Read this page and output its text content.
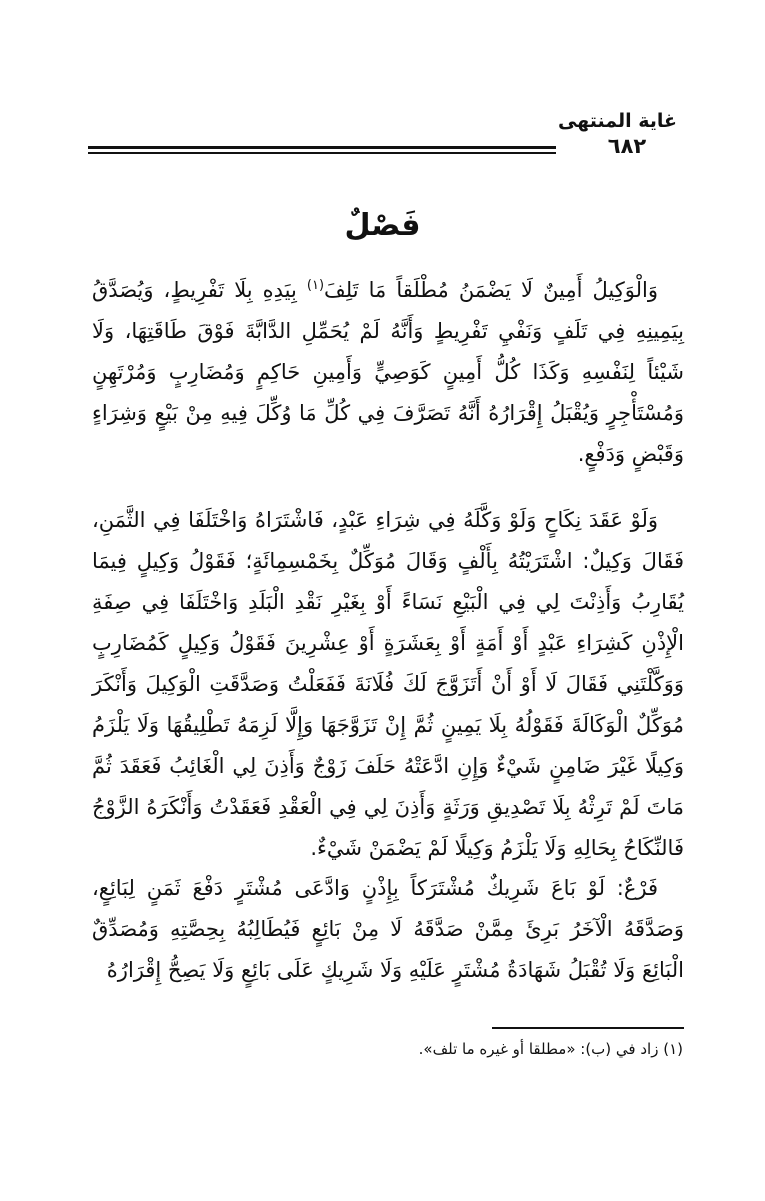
غاية المنتهى
٦٨٢
فَصْلٌ

وَالْوَكِيلُ أَمِينٌ لَا يَضْمَنُ مُطْلَقاً مَا تَلِفَ$^{(١)}$ بِيَدِهِ بِلَا تَفْرِيطٍ، وَيُصَدَّقُ بِيَمِينِهِ فِي تَلَفٍ وَنَفْيِ تَفْرِيطٍ وَأَنَّهُ لَمْ يُحَمِّلِ الدَّابَّةَ فَوْقَ طَاقَتِهَا، وَلَا شَيْئاً لِنَفْسِهِ وَكَذَا كُلُّ أَمِينٍ كَوَصِيٍّ وَأَمِينِ حَاكِمٍ وَمُضَارِبٍ وَمُرْتَهِنٍ وَمُسْتَأْجِرٍ وَيُقْبَلُ إِقْرَارُهُ أَنَّهُ تَصَرَّفَ فِي كُلِّ مَا وُكِّلَ فِيهِ مِنْ بَيْعٍ وَشِرَاءٍ وَقَبْضٍ وَدَفْعٍ.

وَلَوْ عَقَدَ نِكَاحٍ وَلَوْ وَكَّلَهُ فِي شِرَاءِ عَبْدٍ، فَاشْتَرَاهُ وَاخْتَلَفَا فِي الثَّمَنِ، فَقَالَ وَكِيلٌ: اشْتَرَيْتُهُ بِأَلْفٍ وَقَالَ مُوَكِّلٌ بِخَمْسِمِائَةٍ؛ فَقَوْلُ وَكِيلٍ فِيمَا يُقَارِبُ وَأَذِنْتَ لِي فِي الْبَيْعِ نَسَاءً أَوْ بِغَيْرِ نَقْدِ الْبَلَدِ وَاخْتَلَفَا فِي صِفَةِ الْإِذْنِ كَشِرَاءِ عَبْدٍ أَوْ أَمَةٍ أَوْ بِعَشَرَةٍ أَوْ عِشْرِينَ فَقَوْلُ وَكِيلٍ كَمُضَارِبٍ وَوَكَّلْتَنِي فَقَالَ لَا أَوْ أَنْ أَتَزَوَّجَ لَكَ فُلَانَةَ فَفَعَلْتُ وَصَدَّقَتِ الْوَكِيلَ وَأَنْكَرَ مُوَكِّلٌ الْوَكَالَةَ فَقَوْلُهُ بِلَا يَمِينٍ ثُمَّ إِنْ تَزَوَّجَهَا وَإِلَّا لَزِمَهُ تَطْلِيقُهَا وَلَا يَلْزَمُ وَكِيلًا غَيْرَ ضَامِنٍ شَيْءٌ وَإِنِ ادَّعَتْهُ حَلَفَ زَوْجٌ وَأَذِنَ لِي الْغَائِبُ فَعَقَدَ ثُمَّ مَاتَ لَمْ تَرِثْهُ بِلَا تَصْدِيقِ وَرَثَةٍ وَأَذِنَ لِي فِي الْعَقْدِ فَعَقَدْتُ وَأَنْكَرَهُ الزَّوْجُ فَالنِّكَاحُ بِحَالِهِ وَلَا يَلْزَمُ وَكِيلًا لَمْ يَضْمَنْ شَيْءٌ.

فَرْعٌ: لَوْ بَاعَ شَرِيكٌ مُشْتَرَكاً بِإِذْنٍ وَادَّعَى مُشْتَرٍ دَفْعَ ثَمَنٍ لِبَائِعٍ، وَصَدَّقَهُ الْآخَرُ بَرِئَ مِمَّنْ صَدَّقَهُ لَا مِنْ بَائِعٍ فَيُطَالِبُهُ بِحِصَّتِهِ وَمُصَدِّقٌ الْبَائِعَ وَلَا تُقْبَلُ شَهَادَةُ مُشْتَرٍ عَلَيْهِ وَلَا شَرِيكٍ عَلَى بَائِعٍ وَلَا يَصِحُّ إِقْرَارُهُ

(١) زاد في (ب): «مطلقا أو غيره ما تلف».
